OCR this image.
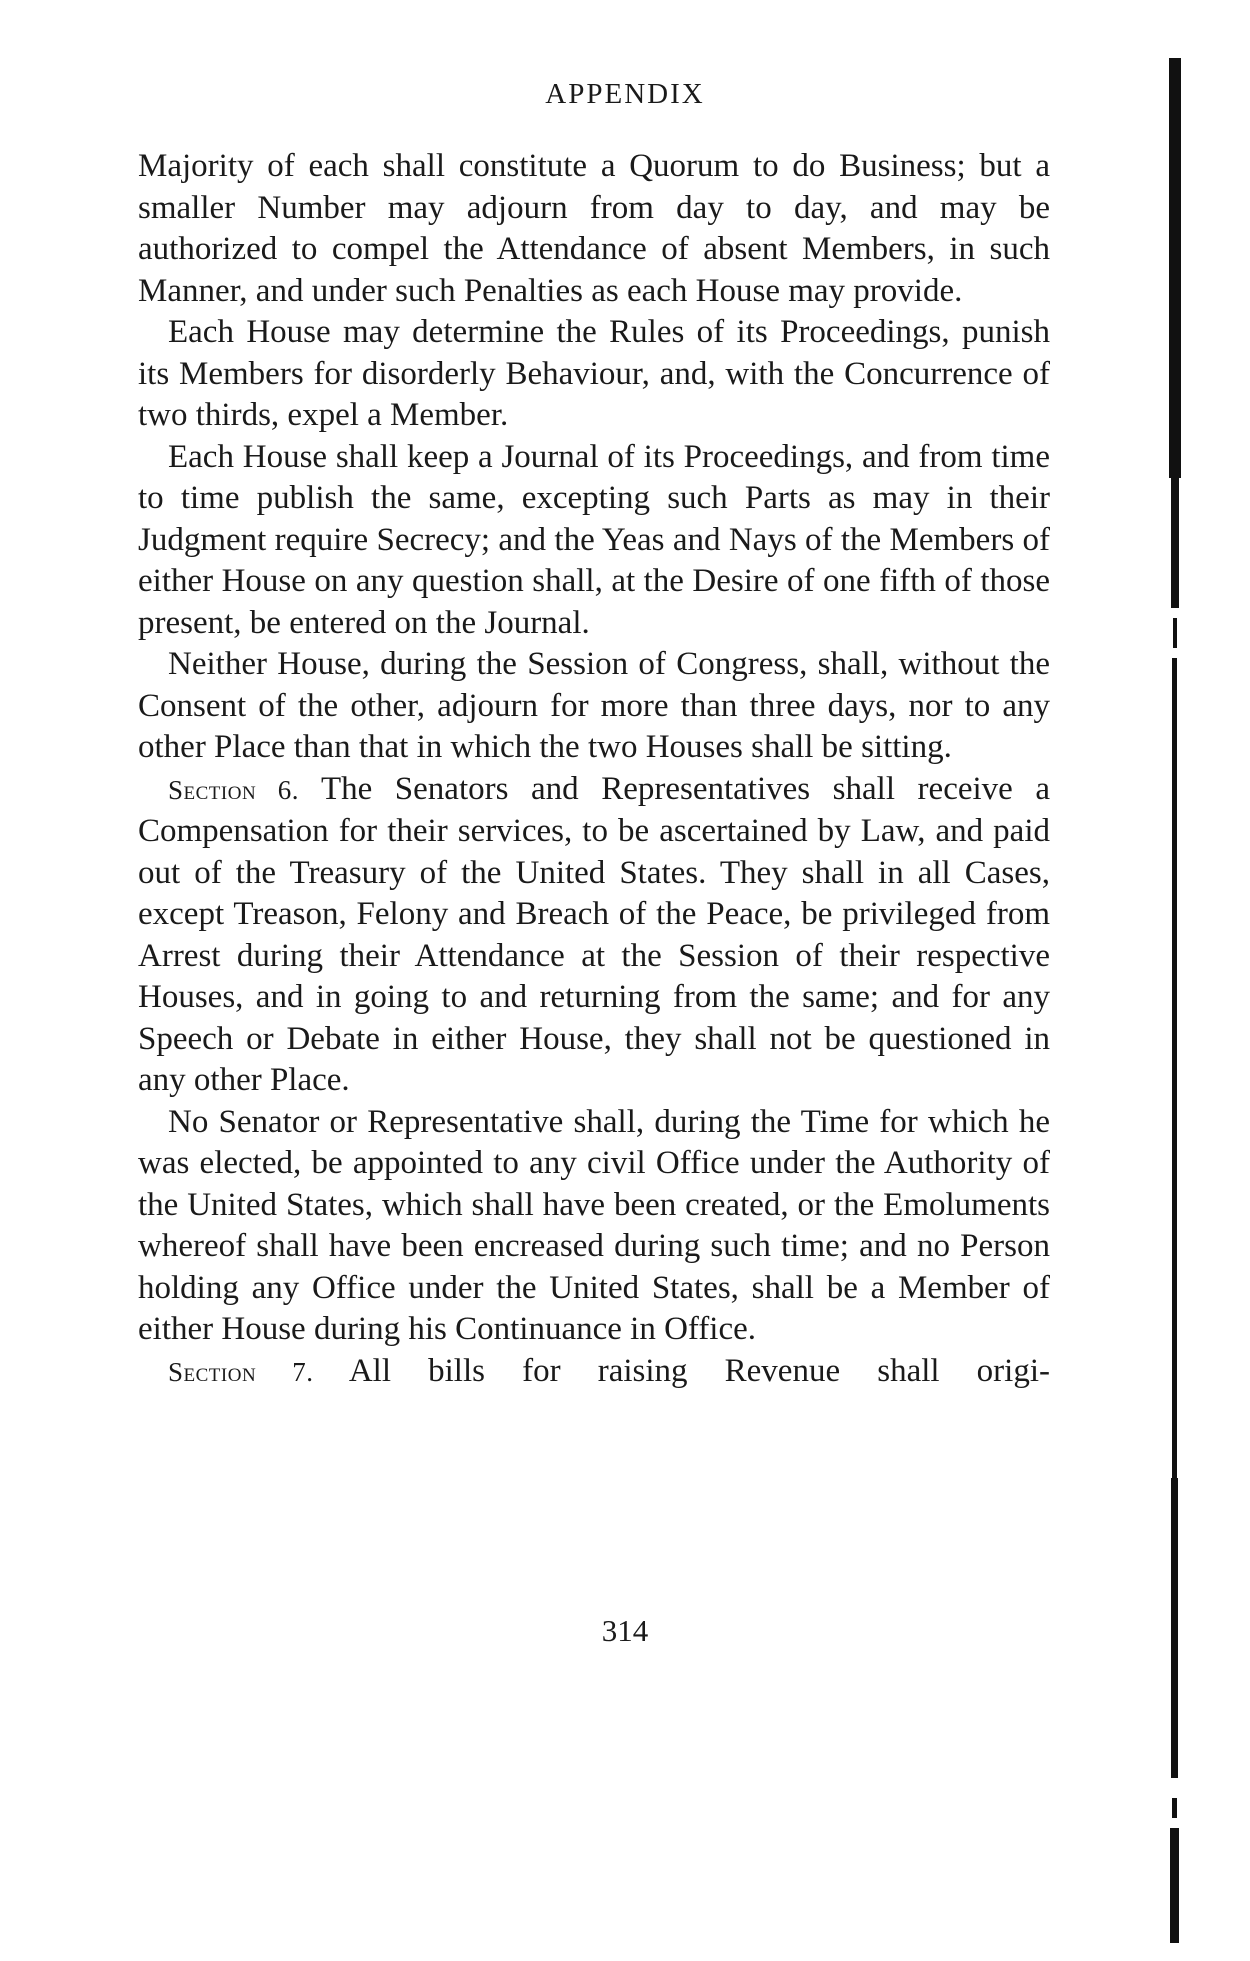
APPENDIX

Majority of each shall constitute a Quorum to do Business; but a smaller Number may adjourn from day to day, and may be authorized to compel the Attendance of absent Members, in such Manner, and under such Penalties as each House may provide.

Each House may determine the Rules of its Proceedings, punish its Members for disorderly Behaviour, and, with the Concurrence of two thirds, expel a Member.

Each House shall keep a Journal of its Proceedings, and from time to time publish the same, excepting such Parts as may in their Judgment require Secrecy; and the Yeas and Nays of the Members of either House on any question shall, at the Desire of one fifth of those present, be entered on the Journal.

Neither House, during the Session of Congress, shall, without the Consent of the other, adjourn for more than three days, nor to any other Place than that in which the two Houses shall be sitting.

Section 6. The Senators and Representatives shall receive a Compensation for their services, to be ascertained by Law, and paid out of the Treasury of the United States. They shall in all Cases, except Treason, Felony and Breach of the Peace, be privileged from Arrest during their Attendance at the Session of their respective Houses, and in going to and returning from the same; and for any Speech or Debate in either House, they shall not be questioned in any other Place.

No Senator or Representative shall, during the Time for which he was elected, be appointed to any civil Office under the Authority of the United States, which shall have been created, or the Emoluments whereof shall have been encreased during such time; and no Person holding any Office under the United States, shall be a Member of either House during his Continuance in Office.

Section 7. All bills for raising Revenue shall origi-

314
